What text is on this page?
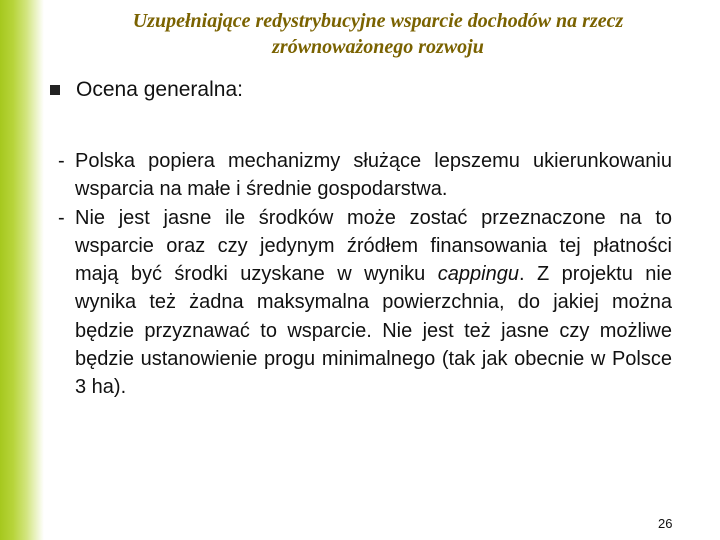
Uzupełniające redystrybucyjne wsparcie dochodów na rzecz
zrównoważonego rozwoju
Ocena generalna:
- Polska popiera mechanizmy służące lepszemu ukierunkowaniu wsparcia na małe i średnie gospodarstwa.
- Nie jest jasne ile środków może zostać przeznaczone na to wsparcie oraz czy jedynym źródłem finansowania tej płatności mają być środki uzyskane w wyniku cappingu. Z projektu nie wynika też żadna maksymalna powierzchnia, do jakiej można będzie przyznawać to wsparcie. Nie jest też jasne czy możliwe będzie ustanowienie progu minimalnego (tak jak obecnie w Polsce 3 ha).
26
